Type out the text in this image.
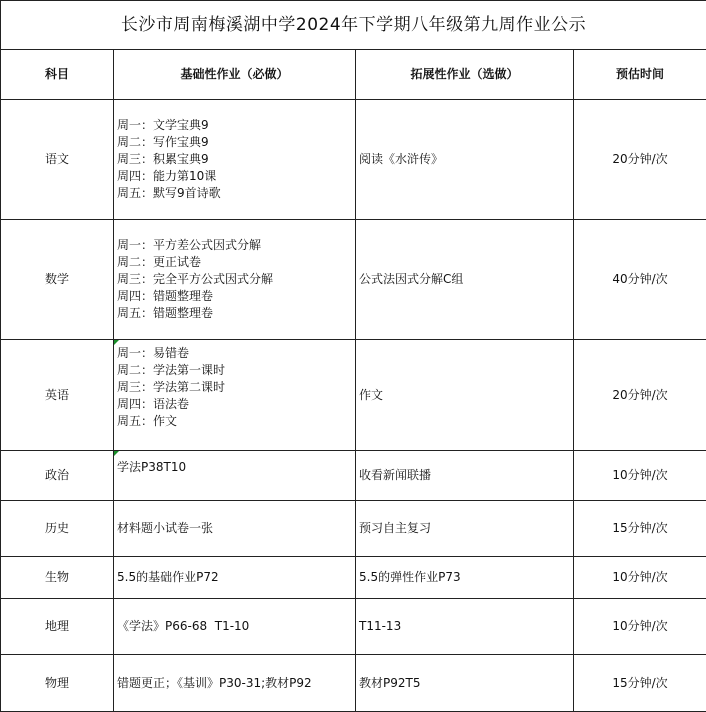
长沙市周南梅溪湖中学2024年下学期八年级第九周作业公示			
科目	基础性作业（必做）	拓展性作业（选做）	预估时间
语文	周一：文学宝典9
周二：写作宝典9
周三：积累宝典9
周四：能力第10课
周五：默写9首诗歌	阅读《水浒传》	20分钟/次
数学	周一：平方差公式因式分解
周二：更正试卷
周三：完全平方公式因式分解
周四：错题整理卷
周五：错题整理卷	公式法因式分解C组	40分钟/次
英语	周一：易错卷
周二：学法第一课时
周三：学法第二课时
周四：语法卷
周五：作文	作文	20分钟/次
政治	学法P38T10	收看新闻联播	10分钟/次
历史	材料题小试卷一张	预习自主复习	15分钟/次
生物	5.5的基础作业P72	5.5的弹性作业P73	10分钟/次
地理	《学法》P66-68  T1-10	T11-13	10分钟/次
物理	错题更正；《基训》P30-31;教材P92	教材P92T5	15分钟/次
